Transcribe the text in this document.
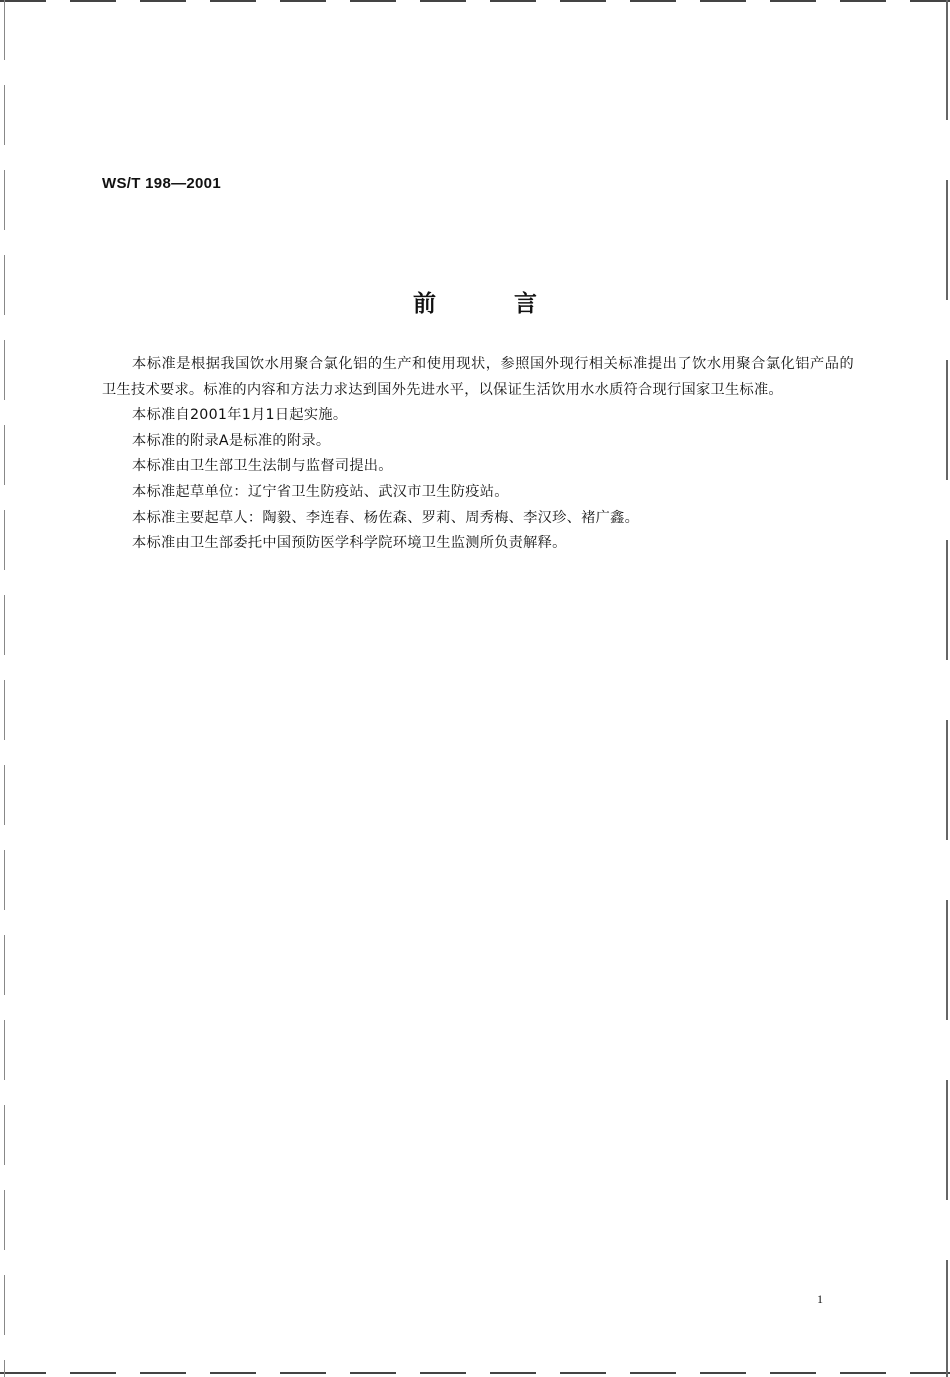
WS/T 198—2001
前言

本标准是根据我国饮水用聚合氯化铝的生产和使用现状，参照国外现行相关标准提出了饮水用聚合氯化铝产品的卫生技术要求。标准的内容和方法力求达到国外先进水平，以保证生活饮用水水质符合现行国家卫生标准。

本标准自2001年1月1日起实施。

本标准的附录A是标准的附录。

本标准由卫生部卫生法制与监督司提出。

本标准起草单位：辽宁省卫生防疫站、武汉市卫生防疫站。

本标准主要起草人：陶毅、李连春、杨佐森、罗莉、周秀梅、李汉珍、褚广鑫。

本标准由卫生部委托中国预防医学科学院环境卫生监测所负责解释。

1
